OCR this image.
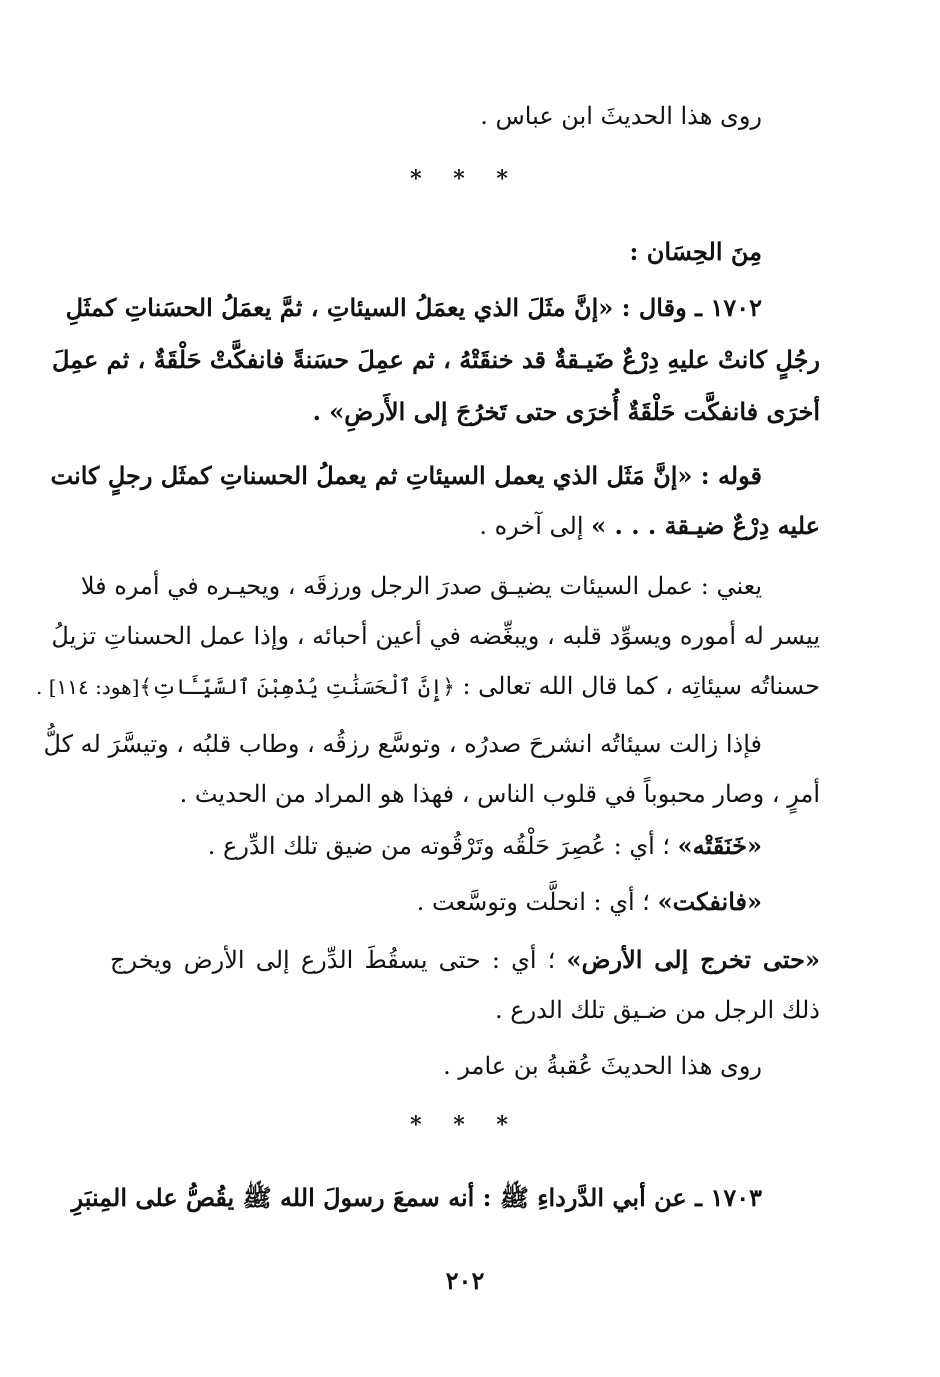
روى هذا الحديثَ ابن عباس .
* * *
مِنَ الحِسَان :
١٧٠٢ ـ وقال : «إنَّ مثَلَ الذي يعمَلُ السيئاتِ ، ثمَّ يعمَلُ الحسَناتِ كمثَلِ
رجُلٍ كانتْ عليهِ دِرْعٌ ضَيـقةٌ قد خنقَتْهُ ، ثم عمِلَ حسَنةً فانفكَّتْ حَلْقَةٌ ، ثم عمِلَ
أخرَى فانفكَّت حَلْقَةٌ أُخرَى حتى تَخرُجَ إلى الأَرضِ» .
قوله : «إنَّ مَثَل الذي يعمل السيئاتِ ثم يعملُ الحسناتِ كمثَل رجلٍ كانت
عليه دِرْعٌ ضيـقة . . . » إلى آخره .
يعني : عمل السيئات يضيـق صدرَ الرجل ورزقَه ، ويحيـره في أمره فلا
ييسر له أموره ويسوِّد قلبه ، ويبغِّضه في أعين أحبائه ، وإذا عمل الحسناتِ تزيلُ
حسناتُه سيئاتِه ، كما قال الله تعالى : ﴿إِنَّ ٱلْحَسَنَٰتِ يُذْهِبْنَ ٱلسَّيِّـَٔاتِ﴾[هود: ١١٤] .
فإذا زالت سيئاتُه انشرحَ صدرُه ، وتوسَّع رزقُه ، وطاب قلبُه ، وتيسَّرَ له كلُّ
أمرٍ ، وصار محبوباً في قلوب الناس ، فهذا هو المراد من الحديث .
«خَنَقَتْه» ؛ أي : عُصِرَ حَلْقُه وتَرْقُوته من ضيق تلك الدِّرع .
«فانفكت» ؛ أي : انحلَّت وتوسَّعت .
«حتى تخرج إلى الأرض» ؛ أي : حتى يسقُطَ الدِّرع إلى الأرض ويخرج
ذلك الرجل من ضـيق تلك الدرع .
روى هذا الحديثَ عُقبةُ بن عامر .
* * *
١٧٠٣ ـ عن أبي الدَّرداءِ ﷺ : أنه سمعَ رسولَ الله ﷺ يقُصُّ على المِنبَرِ
٢٠٢
